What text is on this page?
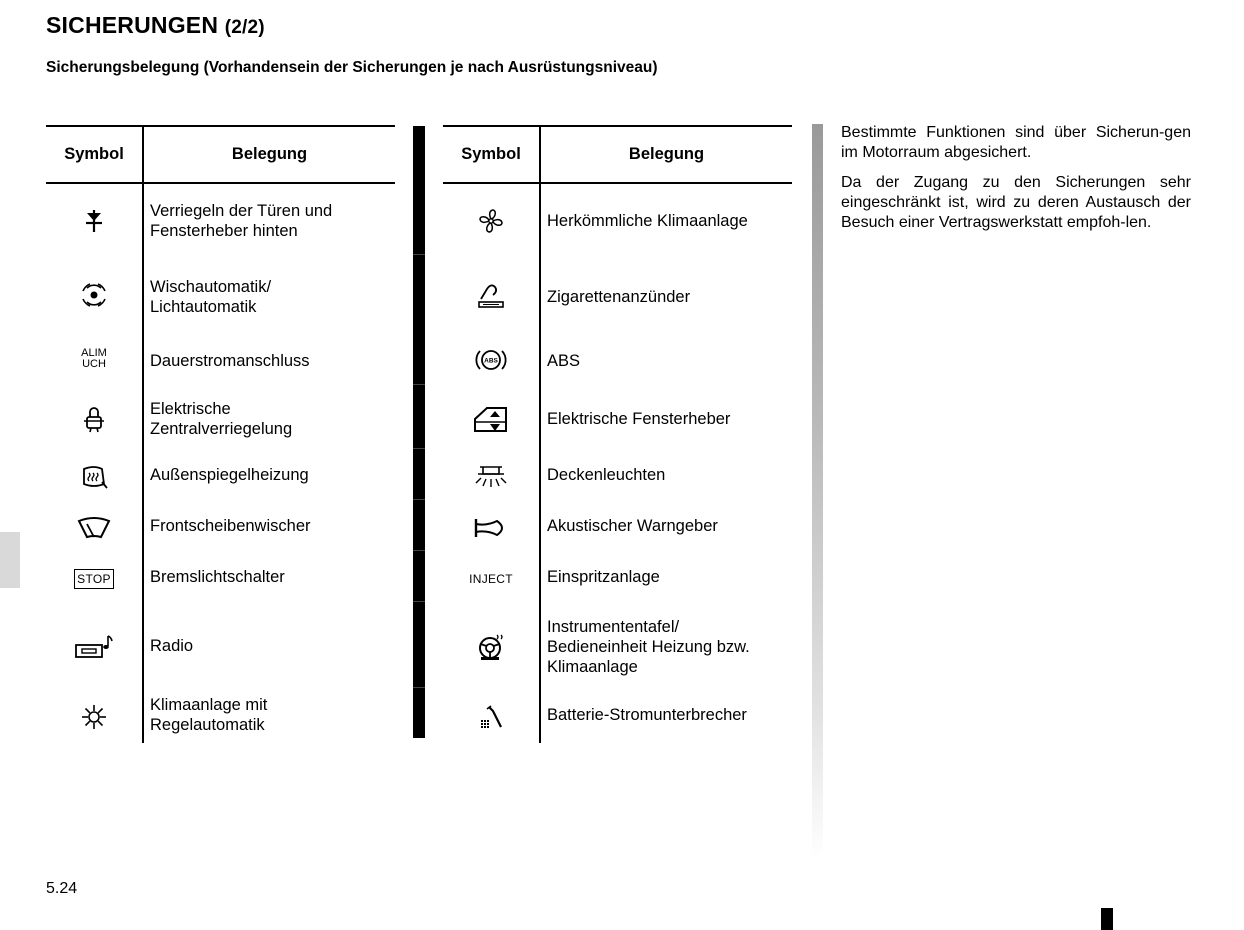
SICHERUNGEN (2/2)
Sicherungsbelegung (Vorhandensein der Sicherungen je nach Ausrüstungsniveau)
Symbol	Belegung

Verriegeln der Türen und
Fensterheber hinten

Wischautomatik/
Lichtautomatik

ALIM
UCH	Dauerstromanschluss

Elektrische
Zentralverriegelung

Außenspiegelheizung

Frontscheibenwischer

STOP	Bremslichtschalter

Radio

Klimaanlage mit
Regelautomatik
Symbol	Belegung

Herkömmliche Klimaanlage

Zigarettenanzünder

ABS	ABS

Elektrische Fensterheber

Deckenleuchten

Akustischer Warngeber

INJECT	Einspritzanlage

Instrumententafel/
Bedieneinheit Heizung bzw.
Klimaanlage

Batterie-Stromunterbrecher

Bestimmte Funktionen sind über Sicherun-gen im Motorraum abgesichert.

Da der Zugang zu den Sicherungen sehr eingeschränkt ist, wird zu deren Austausch der Besuch einer Vertragswerkstatt empfoh-len.

5.24
